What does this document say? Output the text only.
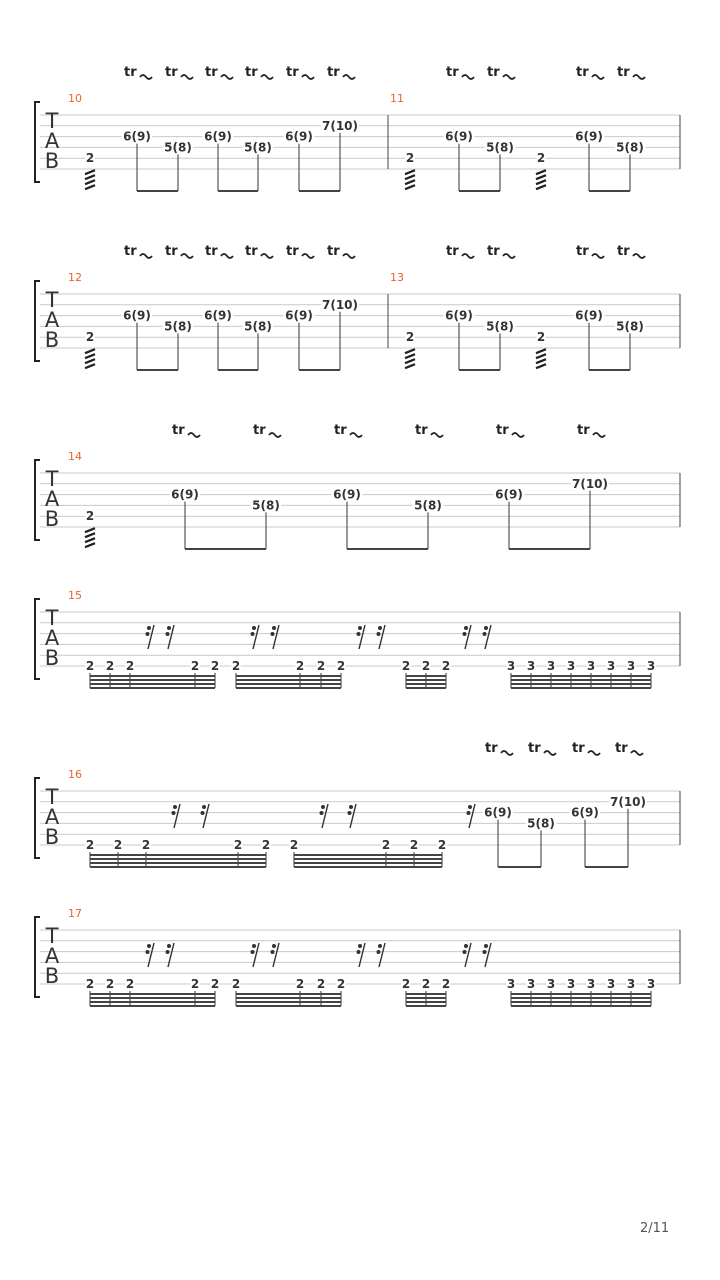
T
A
B
10
2
6(9)
tr
5(8)
tr
6(9)
tr
5(8)
tr
6(9)
tr
7(10)
tr
11
2
6(9)
tr
5(8)
tr
2
6(9)
tr
5(8)
tr
T
A
B
12
2
6(9)
tr
5(8)
tr
6(9)
tr
5(8)
tr
6(9)
tr
7(10)
tr
13
2
6(9)
tr
5(8)
tr
2
6(9)
tr
5(8)
tr
T
A
B
14
2
6(9)
tr
5(8)
tr
6(9)
tr
5(8)
tr
6(9)
tr
7(10)
tr
T
A
B
15
2 2 2	2 2 2	2 2 2	2 2 2	3 3 3 3 3 3 3 3
T
A
B
16
2 2 2	2 2 2	2 2 2
6(9)
tr
5(8)
tr
6(9)
tr
7(10)
tr
T
A
B
17
2 2 2	2 2 2	2 2 2	2 2 2	3 3 3 3 3 3 3 3
2/11
